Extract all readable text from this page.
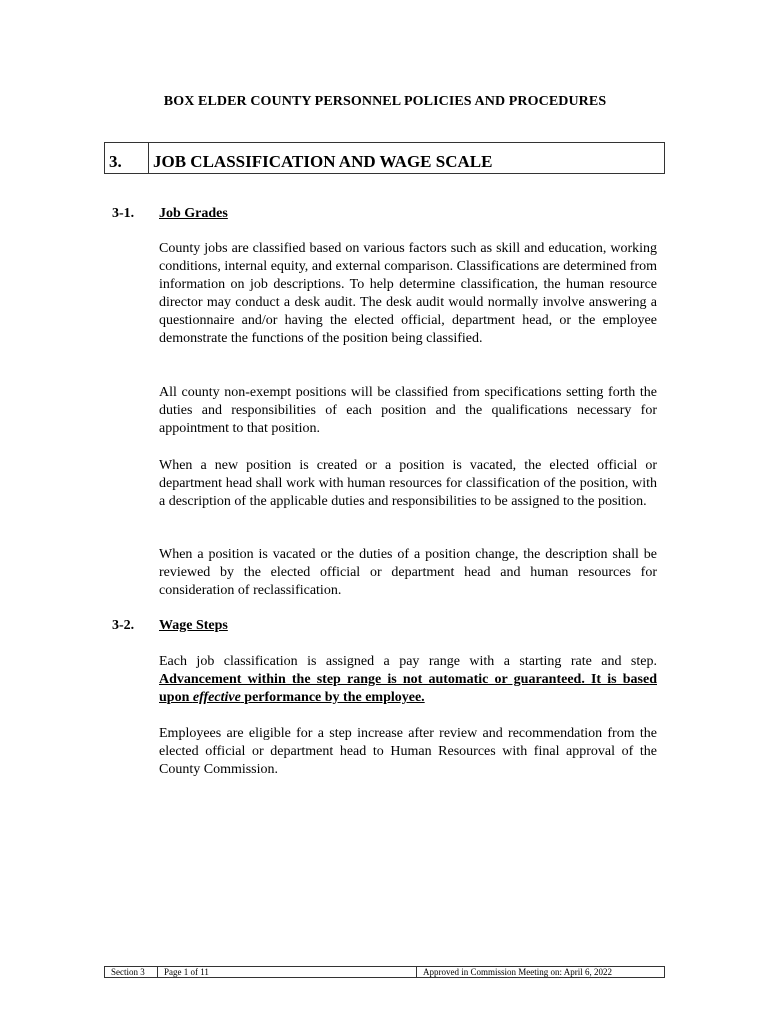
BOX ELDER COUNTY PERSONNEL POLICIES AND PROCEDURES
3.	JOB CLASSIFICATION AND WAGE SCALE
3-1. Job Grades

County jobs are classified based on various factors such as skill and education, working conditions, internal equity, and external comparison. Classifications are determined from information on job descriptions. To help determine classification, the human resource director may conduct a desk audit. The desk audit would normally involve answering a questionnaire and/or having the elected official, department head, or the employee demonstrate the functions of the position being classified.

All county non-exempt positions will be classified from specifications setting forth the duties and responsibilities of each position and the qualifications necessary for appointment to that position.

When a new position is created or a position is vacated, the elected official or department head shall work with human resources for classification of the position, with a description of the applicable duties and responsibilities to be assigned to the position.

When a position is vacated or the duties of a position change, the description shall be reviewed by the elected official or department head and human resources for consideration of reclassification.

3-2. Wage Steps

Each job classification is assigned a pay range with a starting rate and step. Advancement within the step range is not automatic or guaranteed. It is based upon effective performance by the employee.

Employees are eligible for a step increase after review and recommendation from the elected official or department head to Human Resources with final approval of the County Commission.

Section 3	Page 1 of 11	Approved in Commission Meeting on: April 6, 2022
